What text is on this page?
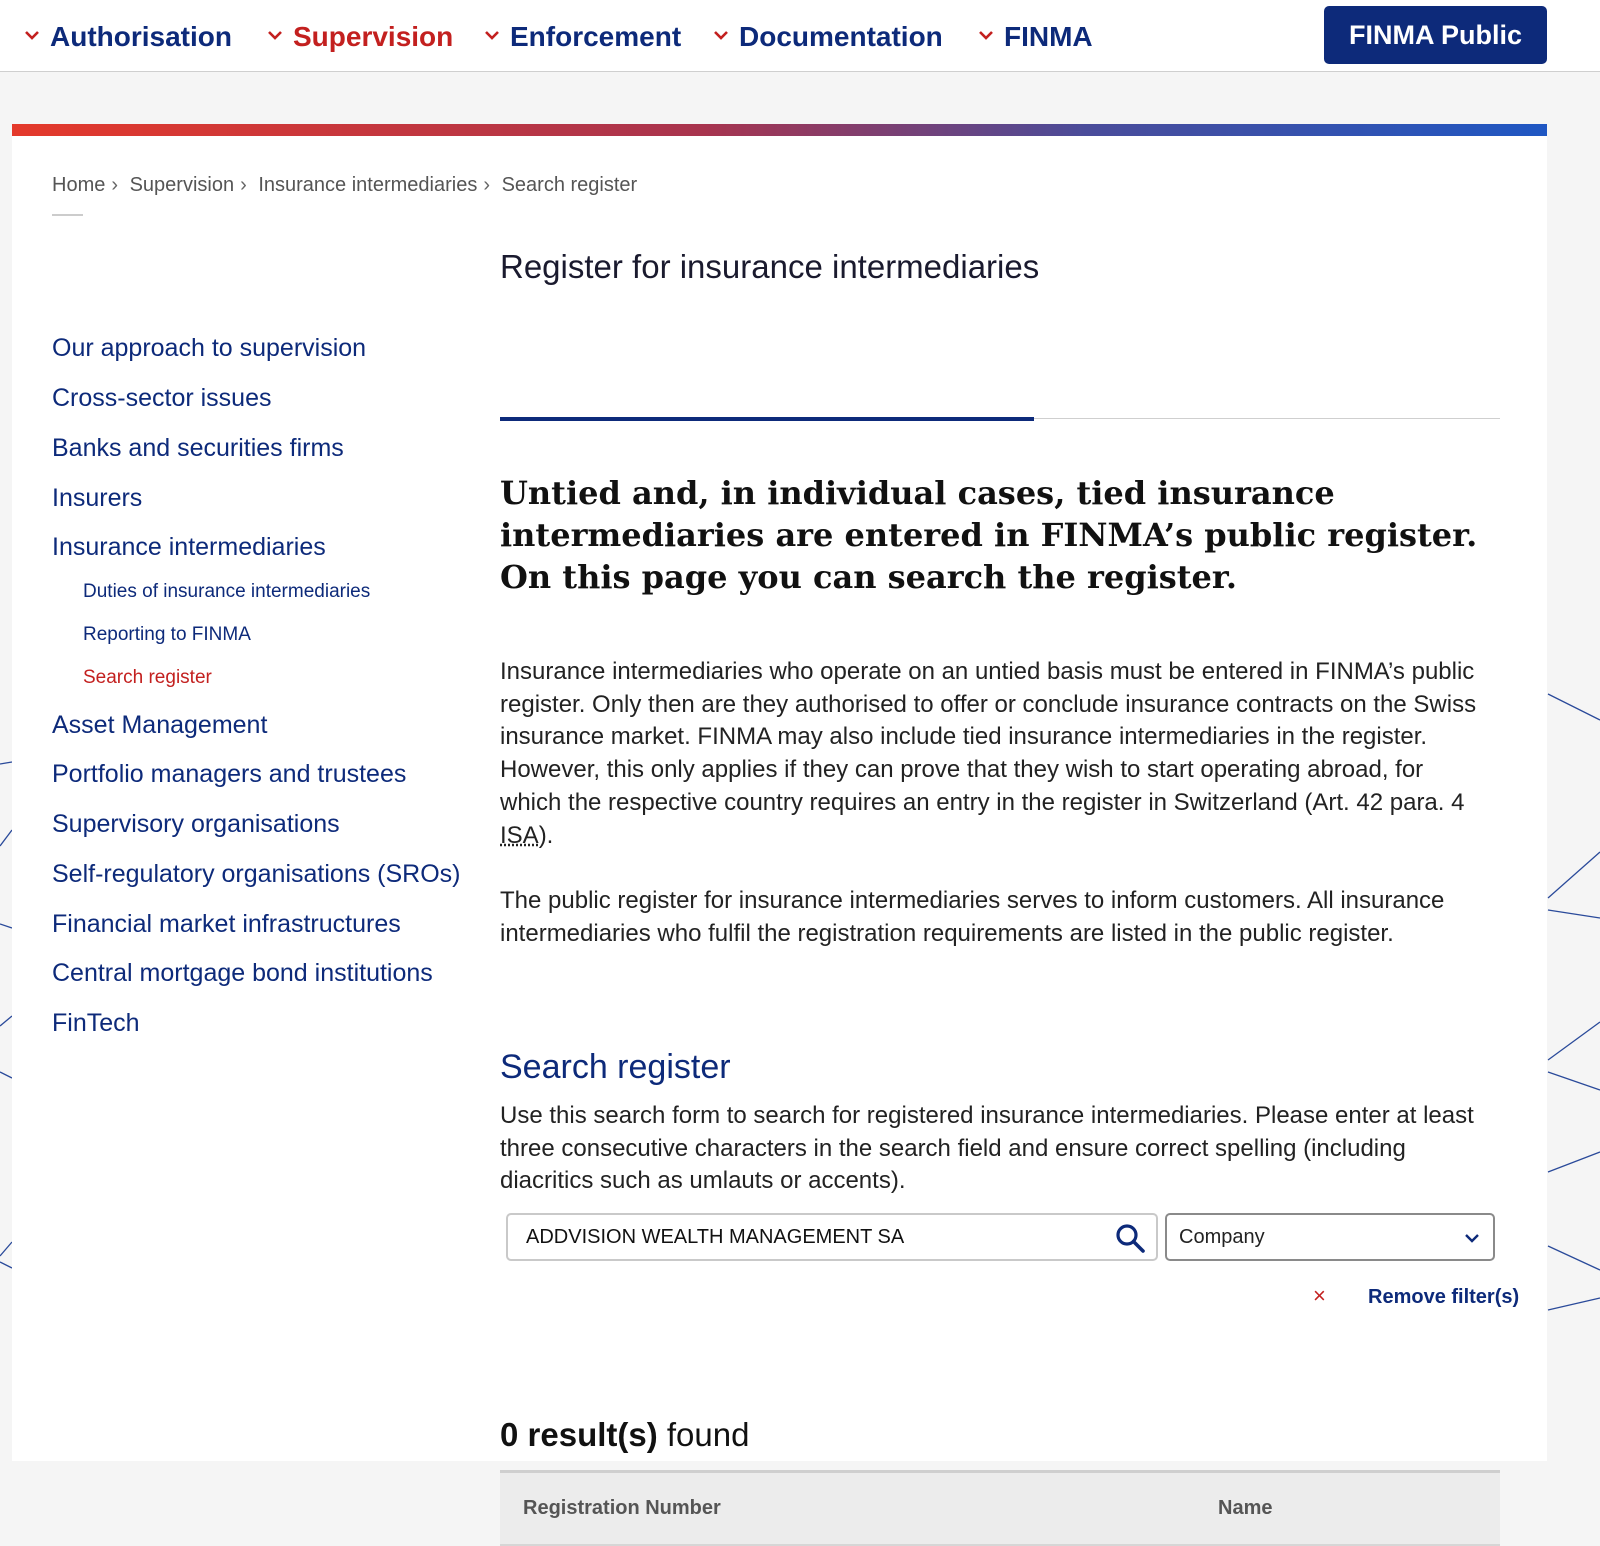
Authorisation Supervision Enforcement Documentation FINMA	FINMA Public
Home › Supervision › Insurance intermediaries › Search register
Our approach to supervision
Cross-sector issues
Banks and securities firms
Insurers
Insurance intermediaries
Duties of insurance intermediaries
Reporting to FINMA
Search register
Asset Management
Portfolio managers and trustees
Supervisory organisations
Self-regulatory organisations (SROs)
Financial market infrastructures
Central mortgage bond institutions
FinTech
Register for insurance intermediaries
Untied and, in individual cases, tied insurance intermediaries are entered in FINMA’s public register. On this page you can search the register.
Insurance intermediaries who operate on an untied basis must be entered in FINMA’s public register. Only then are they authorised to offer or conclude insurance contracts on the Swiss insurance market. FINMA may also include tied insurance intermediaries in the register. However, this only applies if they can prove that they wish to start operating abroad, for which the respective country requires an entry in the register in Switzerland (Art. 42 para. 4 ISA).
The public register for insurance intermediaries serves to inform customers. All insurance intermediaries who fulfil the registration requirements are listed in the public register.
Search register
Use this search form to search for registered insurance intermediaries. Please enter at least three consecutive characters in the search field and ensure correct spelling (including diacritics such as umlauts or accents).
ADDVISION WEALTH MANAGEMENT SA
Company
× Remove filter(s)
0 result(s) found
Registration Number	Name
